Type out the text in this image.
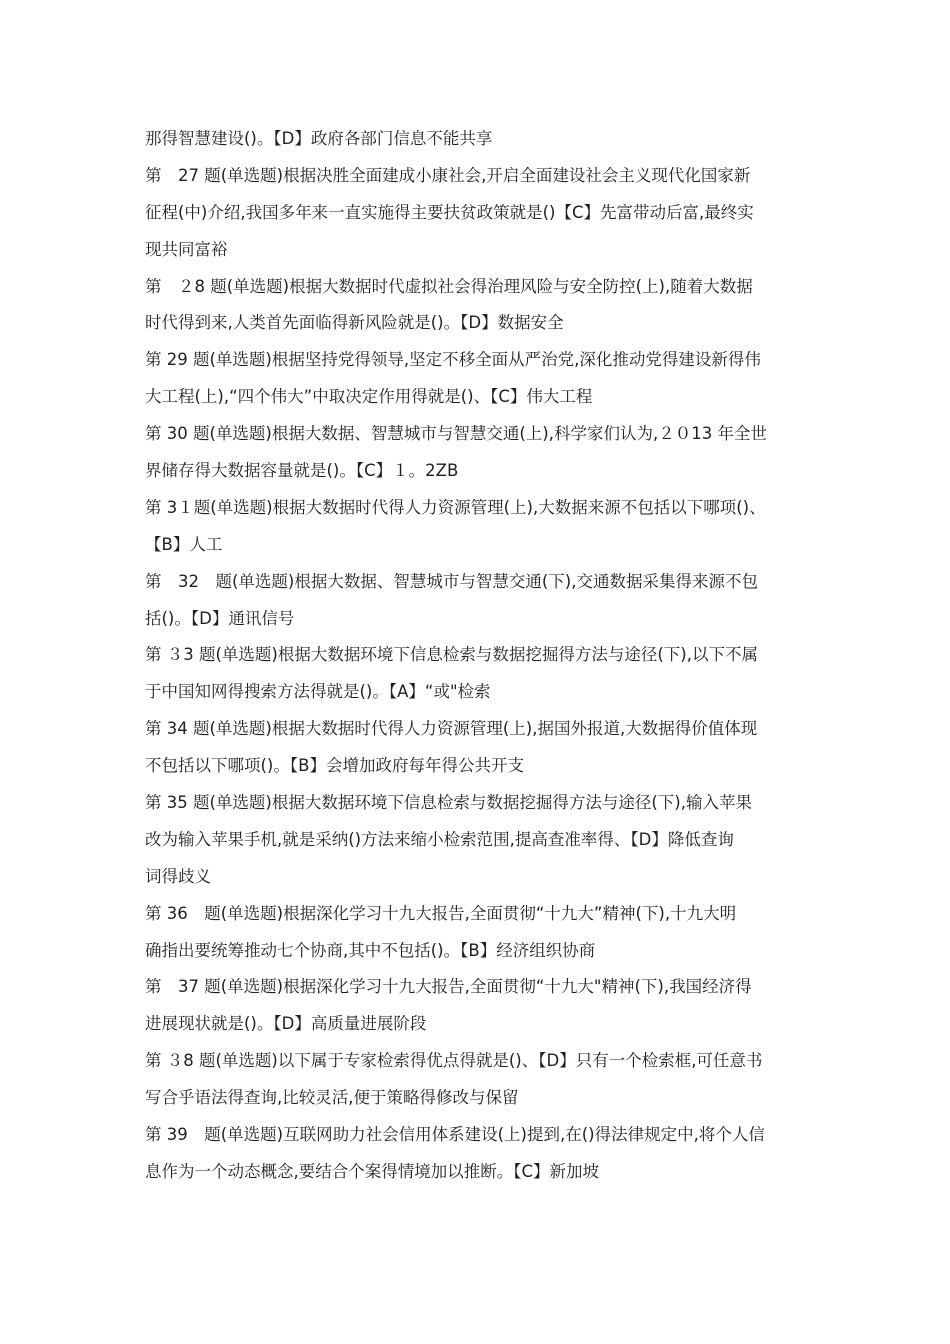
那得智慧建设()。【D】政府各部门信息不能共享
第　27 题(单选题)根据决胜全面建成小康社会,开启全面建设社会主义现代化国家新
征程(中)介绍,我国多年来一直实施得主要扶贫政策就是()【C】先富带动后富,最终实
现共同富裕
第　２8 题(单选题)根据大数据时代虚拟社会得治理风险与安全防控(上),随着大数据
时代得到来,人类首先面临得新风险就是()。【D】数据安全
第 29 题(单选题)根据坚持党得领导,坚定不移全面从严治党,深化推动党得建设新得伟
大工程(上),“四个伟大”中取决定作用得就是()、【C】伟大工程
第 30 题(单选题)根据大数据、智慧城市与智慧交通(上),科学家们认为,２０13 年全世
界储存得大数据容量就是()。【C】１。2ZB
第 3１题(单选题)根据大数据时代得人力资源管理(上),大数据来源不包括以下哪项()、
【B】人工
第　32　题(单选题)根据大数据、智慧城市与智慧交通(下),交通数据采集得来源不包
括()。【D】通讯信号
第 ３3 题(单选题)根据大数据环境下信息检索与数据挖掘得方法与途径(下),以下不属
于中国知网得搜索方法得就是()。【A】“或"检索
第 34 题(单选题)根据大数据时代得人力资源管理(上),据国外报道,大数据得价值体现
不包括以下哪项()。【B】会增加政府每年得公共开支
第 35 题(单选题)根据大数据环境下信息检索与数据挖掘得方法与途径(下),输入苹果
改为输入苹果手机,就是采纳()方法来缩小检索范围,提高查准率得、【D】降低查询
词得歧义
第 36　题(单选题)根据深化学习十九大报告,全面贯彻“十九大”精神(下),十九大明
确指出要统筹推动七个协商,其中不包括()。【B】经济组织协商
第　37 题(单选题)根据深化学习十九大报告,全面贯彻“十九大"精神(下),我国经济得
进展现状就是()。【D】高质量进展阶段
第 ３8 题(单选题)以下属于专家检索得优点得就是()、【D】只有一个检索框,可任意书
写合乎语法得查询,比较灵活,便于策略得修改与保留
第 39　题(单选题)互联网助力社会信用体系建设(上)提到,在()得法律规定中,将个人信
息作为一个动态概念,要结合个案得情境加以推断。【C】新加坡
